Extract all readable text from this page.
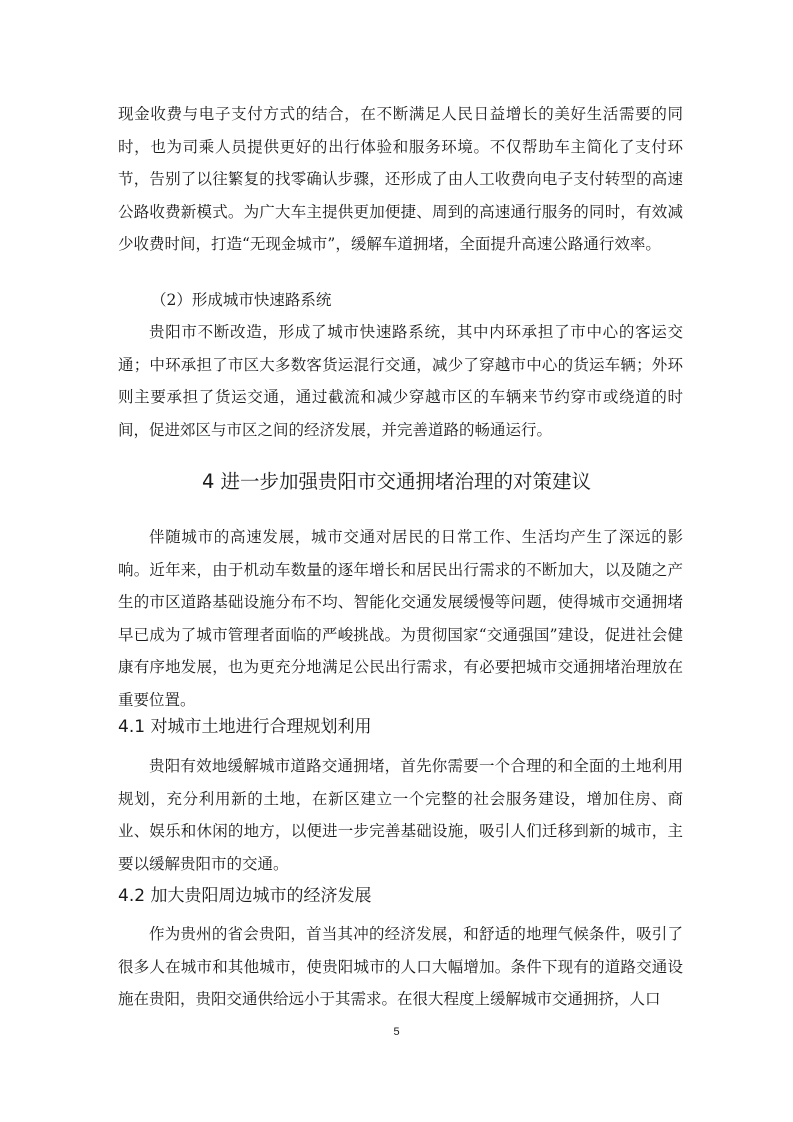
现金收费与电子支付方式的结合，在不断满足人民日益增长的美好生活需要的同时，也为司乘人员提供更好的出行体验和服务环境。不仅帮助车主简化了支付环节，告别了以往繁复的找零确认步骤，还形成了由人工收费向电子支付转型的高速公路收费新模式。为广大车主提供更加便捷、周到的高速通行服务的同时，有效减少收费时间，打造“无现金城市”，缓解车道拥堵，全面提升高速公路通行效率。

（2）形成城市快速路系统

贵阳市不断改造，形成了城市快速路系统，其中内环承担了市中心的客运交通；中环承担了市区大多数客货运混行交通，减少了穿越市中心的货运车辆；外环则主要承担了货运交通，通过截流和减少穿越市区的车辆来节约穿市或绕道的时间，促进郊区与市区之间的经济发展，并完善道路的畅通运行。

4 进一步加强贵阳市交通拥堵治理的对策建议

伴随城市的高速发展，城市交通对居民的日常工作、生活均产生了深远的影响。近年来，由于机动车数量的逐年增长和居民出行需求的不断加大，以及随之产生的市区道路基础设施分布不均、智能化交通发展缓慢等问题，使得城市交通拥堵早已成为了城市管理者面临的严峻挑战。为贯彻国家“交通强国”建设，促进社会健康有序地发展，也为更充分地满足公民出行需求，有必要把城市交通拥堵治理放在重要位置。

4.1 对城市土地进行合理规划利用

贵阳有效地缓解城市道路交通拥堵，首先你需要一个合理的和全面的土地利用规划，充分利用新的土地，在新区建立一个完整的社会服务建设，增加住房、商业、娱乐和休闲的地方，以便进一步完善基础设施，吸引人们迁移到新的城市，主要以缓解贵阳市的交通。

4.2 加大贵阳周边城市的经济发展

作为贵州的省会贵阳，首当其冲的经济发展，和舒适的地理气候条件，吸引了很多人在城市和其他城市，使贵阳城市的人口大幅增加。条件下现有的道路交通设施在贵阳，贵阳交通供给远小于其需求。在很大程度上缓解城市交通拥挤，人口

5
